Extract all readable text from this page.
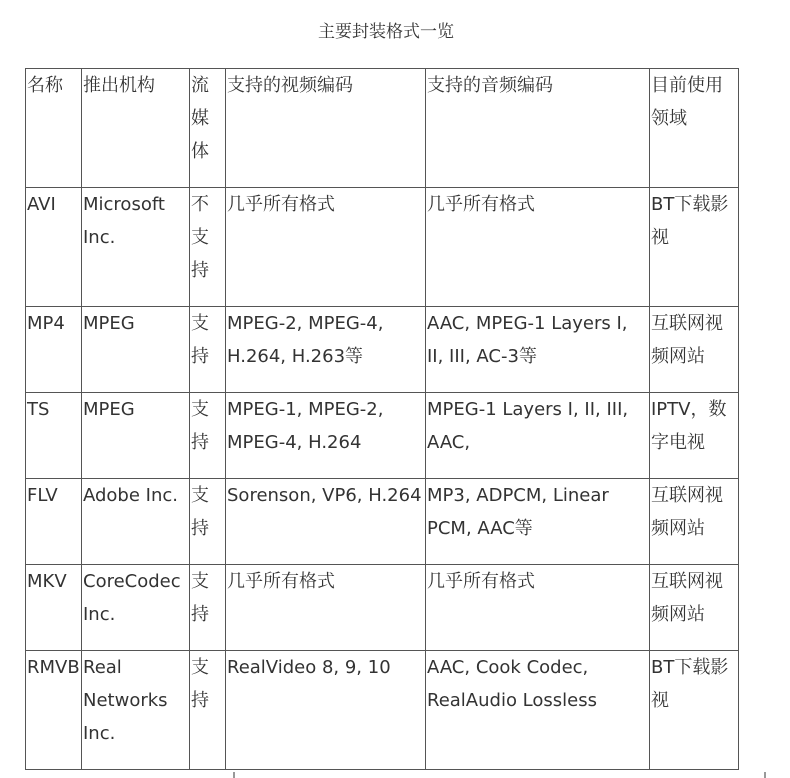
主要封装格式一览
名称	推出机构	流媒体	支持的视频编码	支持的音频编码	目前使用领域
AVI	Microsoft Inc.	不支持	几乎所有格式	几乎所有格式	BT下载影视
MP4	MPEG	支持	MPEG-2, MPEG-4, H.264, H.263等	AAC, MPEG-1 Layers I, II, III, AC-3等	互联网视频网站
TS	MPEG	支持	MPEG-1, MPEG-2, MPEG-4, H.264	MPEG-1 Layers I, II, III, AAC,	IPTV，数字电视
FLV	Adobe Inc.	支持	Sorenson, VP6, H.264	MP3, ADPCM, Linear PCM, AAC等	互联网视频网站
MKV	CoreCodec Inc.	支持	几乎所有格式	几乎所有格式	互联网视频网站
RMVB	Real Networks Inc.	支持	RealVideo 8, 9, 10	AAC, Cook Codec, RealAudio Lossless	BT下载影视
